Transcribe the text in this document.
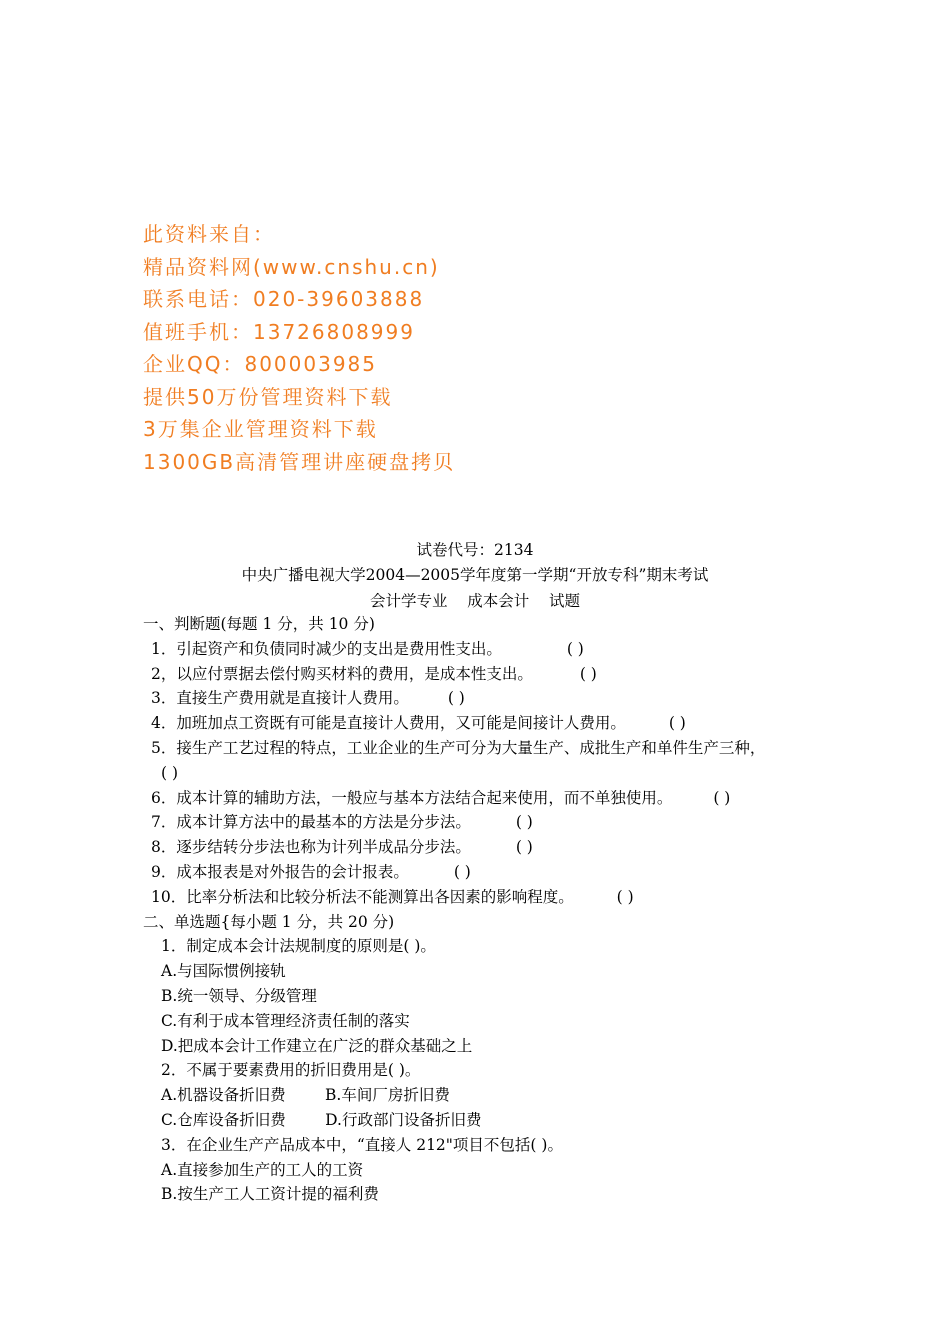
此资料来自：
精品资料网(www.cnshu.cn)
联系电话：020-39603888
值班手机：13726808999
企业QQ：800003985
提供50万份管理资料下载
3万集企业管理资料下载
1300GB高清管理讲座硬盘拷贝
试卷代号：2134
中央广播电视大学2004—2005学年度第一学期“开放专科”期末考试
会计学专业    成本会计    试题
一、判断题(每题 1 分，共 10 分)
1．引起资产和负债同时减少的支出是费用性支出。	( )
2，以应付票据去偿付购买材料的费用，是成本性支出。	( )
3．直接生产费用就是直接计人费用。	( )
4．加班加点工资既有可能是直接计人费用，又可能是间接计人费用。	( )
5．接生产工艺过程的特点，工业企业的生产可分为大量生产、成批生产和单件生产三种，
( )
6．成本计算的辅助方法，一般应与基本方法结合起来使用，而不单独使用。	( )
7．成本计算方法中的最基本的方法是分步法。	( )
8．逐步结转分步法也称为计列半成品分步法。	( )
9．成本报表是对外报告的会计报表。	( )
10．比率分析法和比较分析法不能测算出各因素的影响程度。	( )
二、单选题{每小题 1 分，共 20 分)
1．制定成本会计法规制度的原则是( )。
A.与国际惯例接轨
B.统一领导、分级管理
C.有利于成本管理经济责任制的落实
D.把成本会计工作建立在广泛的群众基础之上
2．不属于要素费用的折旧费用是( )。
A.机器设备折旧费        B.车间厂房折旧费
C.仓库设备折旧费        D.行政部门设备折旧费
3．在企业生产产品成本中，“直接人 212"项目不包括( )。
A.直接参加生产的工人的工资
B.按生产工人工资计提的福利费
